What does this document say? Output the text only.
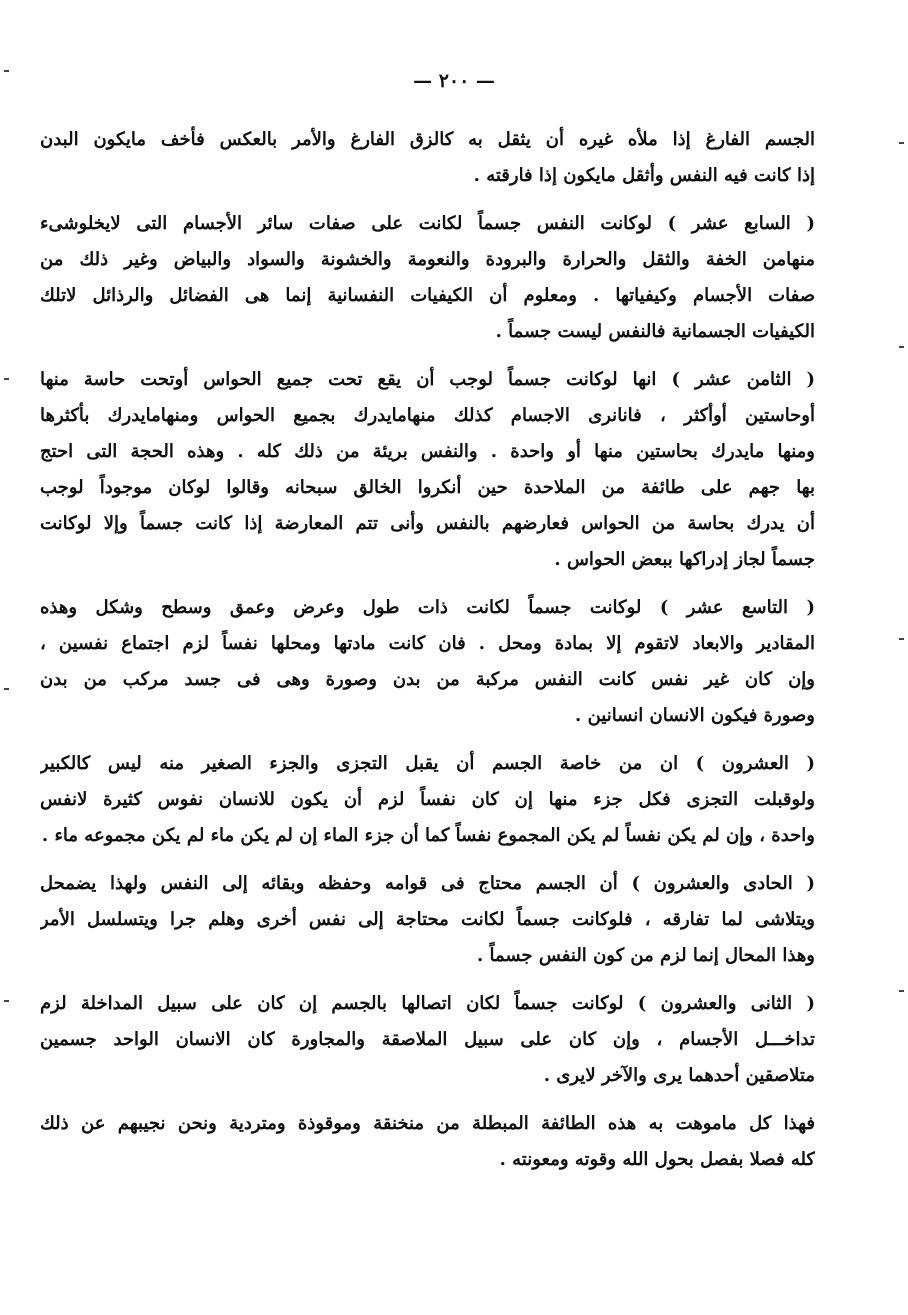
— ٢٠٠ —
الجسم الفارغ إذا ملأه غيره أن يثقل به كالزق الفارغ والأمر بالعكس فأخف مايكون البدن
إذا كانت فيه النفس وأثقل مايكون إذا فارقته .
( السابع عشر ) لوكانت النفس جسماً لكانت على صفات سائر الأجسام التى لايخلوشىء
منهامن الخفة والثقل والحرارة والبرودة والنعومة والخشونة والسواد والبياض وغير ذلك من
صفات الأجسام وكيفياتها . ومعلوم أن الكيفيات النفسانية إنما هى الفضائل والرذائل لاتلك
الكيفيات الجسمانية فالنفس ليست جسماً .
( الثامن عشر ) انها لوكانت جسماً لوجب أن يقع تحت جميع الحواس أوتحت حاسة منها
أوحاستين أوأكثر ، فانانرى الاجسام كذلك منهامايدرك بجميع الحواس ومنهامايدرك بأكثرها
ومنها مايدرك بحاستين منها أو واحدة . والنفس بريئة من ذلك كله . وهذه الحجة التى احتج
بها جهم على طائفة من الملاحدة حين أنكروا الخالق سبحانه وقالوا لوكان موجوداً لوجب
أن يدرك بحاسة من الحواس فعارضهم بالنفس وأنى تتم المعارضة إذا كانت جسماً وإلا لوكانت
جسماً لجاز إدراكها ببعض الحواس .
( التاسع عشر ) لوكانت جسماً لكانت ذات طول وعرض وعمق وسطح وشكل وهذه
المقادير والابعاد لاتقوم إلا بمادة ومحل . فان كانت مادتها ومحلها نفساً لزم اجتماع نفسين ،
وإن كان غير نفس كانت النفس مركبة من بدن وصورة وهى فى جسد مركب من بدن
وصورة فيكون الانسان انسانين .
( العشرون ) ان من خاصة الجسم أن يقبل التجزى والجزء الصغير منه ليس كالكبير
ولوقبلت التجزى فكل جزء منها إن كان نفساً لزم أن يكون للانسان نفوس كثيرة لانفس
واحدة ، وإن لم يكن نفساً لم يكن المجموع نفساً كما أن جزء الماء إن لم يكن ماء لم يكن مجموعه ماء .
( الحادى والعشرون ) أن الجسم محتاج فى قوامه وحفظه وبقائه إلى النفس ولهذا يضمحل
ويتلاشى لما تفارقه ، فلوكانت جسماً لكانت محتاجة إلى نفس أخرى وهلم جرا ويتسلسل الأمر
وهذا المحال إنما لزم من كون النفس جسماً .
( الثانى والعشرون ) لوكانت جسماً لكان اتصالها بالجسم إن كان على سبيل المداخلة لزم
تداخـــل الأجسام ، وإن كان على سبيل الملاصقة والمجاورة كان الانسان الواحد جسمين
متلاصقين أحدهما يرى والآخر لايرى .
فهذا كل ماموهت به هذه الطائفة المبطلة من منخنقة وموقوذة ومتردية ونحن نجيبهم عن ذلك
كله فصلا بفصل بحول الله وقوته ومعونته .
